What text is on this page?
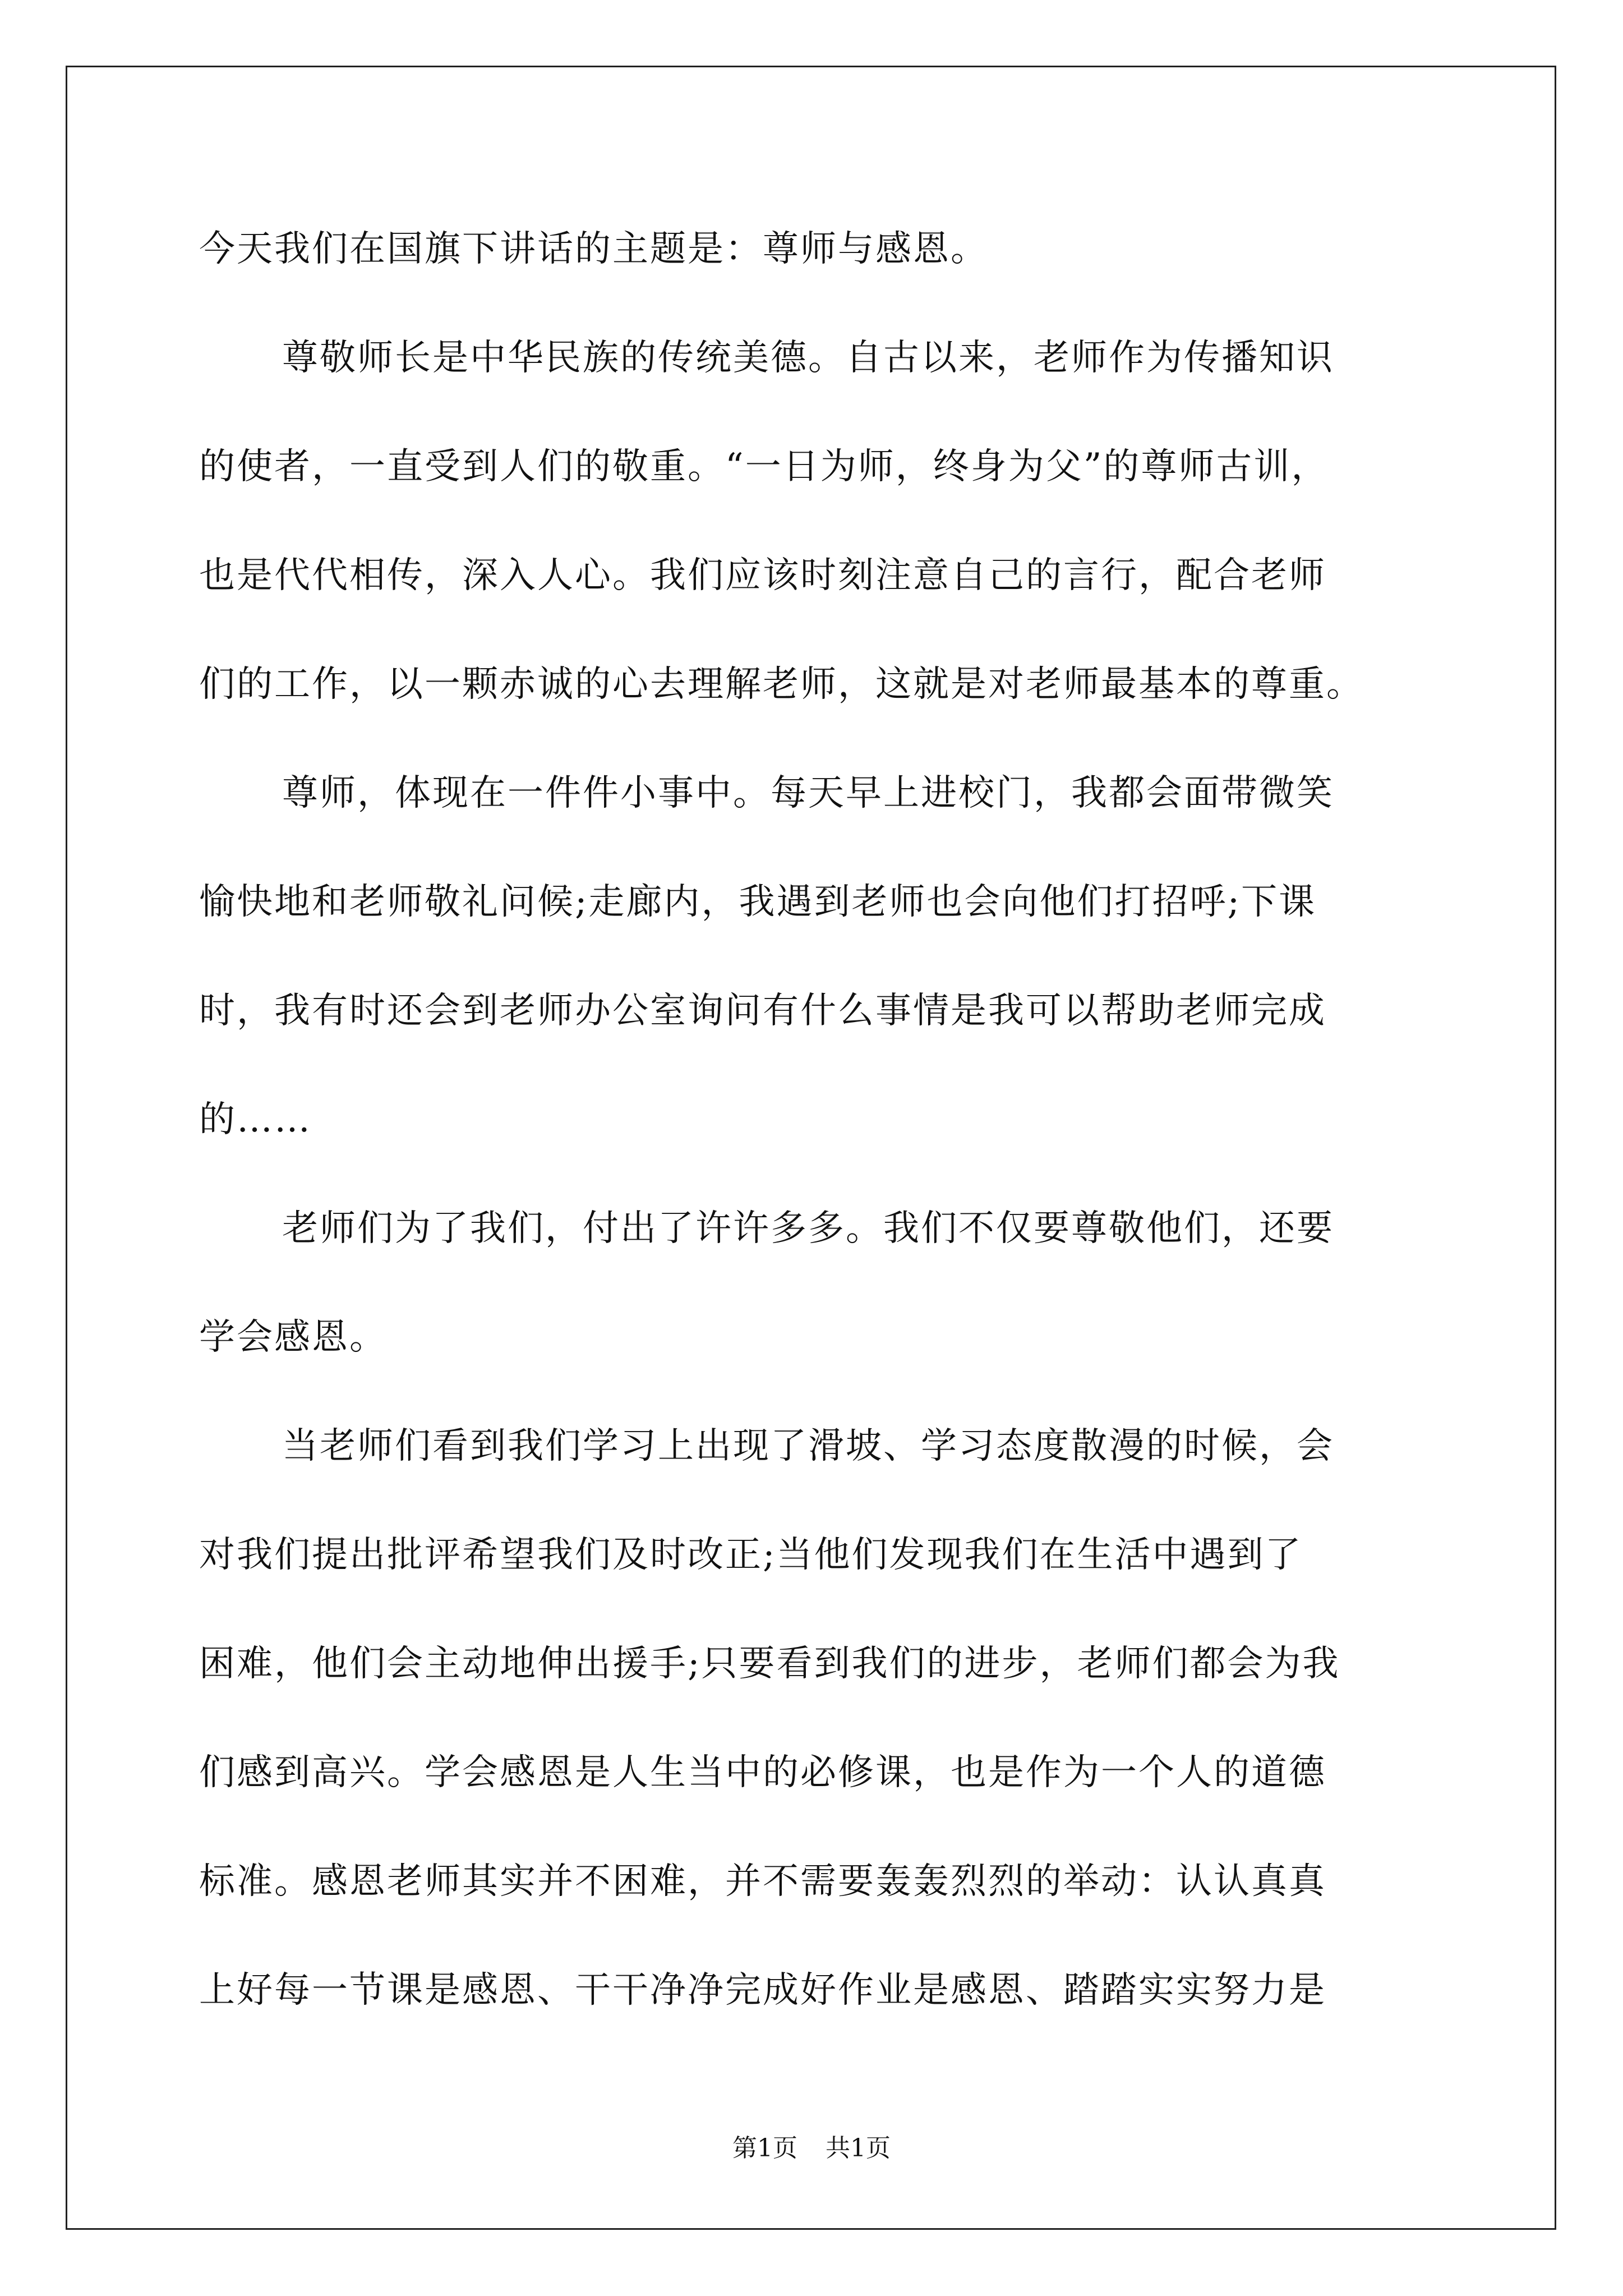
今天我们在国旗下讲话的主题是：尊师与感恩。
尊敬师长是中华民族的传统美德。自古以来，老师作为传播知识
的使者，一直受到人们的敬重。“一日为师，终身为父”的尊师古训，
也是代代相传，深入人心。我们应该时刻注意自己的言行，配合老师
们的工作，以一颗赤诚的心去理解老师，这就是对老师最基本的尊重。
尊师，体现在一件件小事中。每天早上进校门，我都会面带微笑
愉快地和老师敬礼问候;走廊内，我遇到老师也会向他们打招呼;下课
时，我有时还会到老师办公室询问有什么事情是我可以帮助老师完成
的……
老师们为了我们，付出了许许多多。我们不仅要尊敬他们，还要
学会感恩。
当老师们看到我们学习上出现了滑坡、学习态度散漫的时候，会
对我们提出批评希望我们及时改正;当他们发现我们在生活中遇到了
困难，他们会主动地伸出援手;只要看到我们的进步，老师们都会为我
们感到高兴。学会感恩是人生当中的必修课，也是作为一个人的道德
标准。感恩老师其实并不困难，并不需要轰轰烈烈的举动：认认真真
上好每一节课是感恩、干干净净完成好作业是感恩、踏踏实实努力是
第1页 共1页
